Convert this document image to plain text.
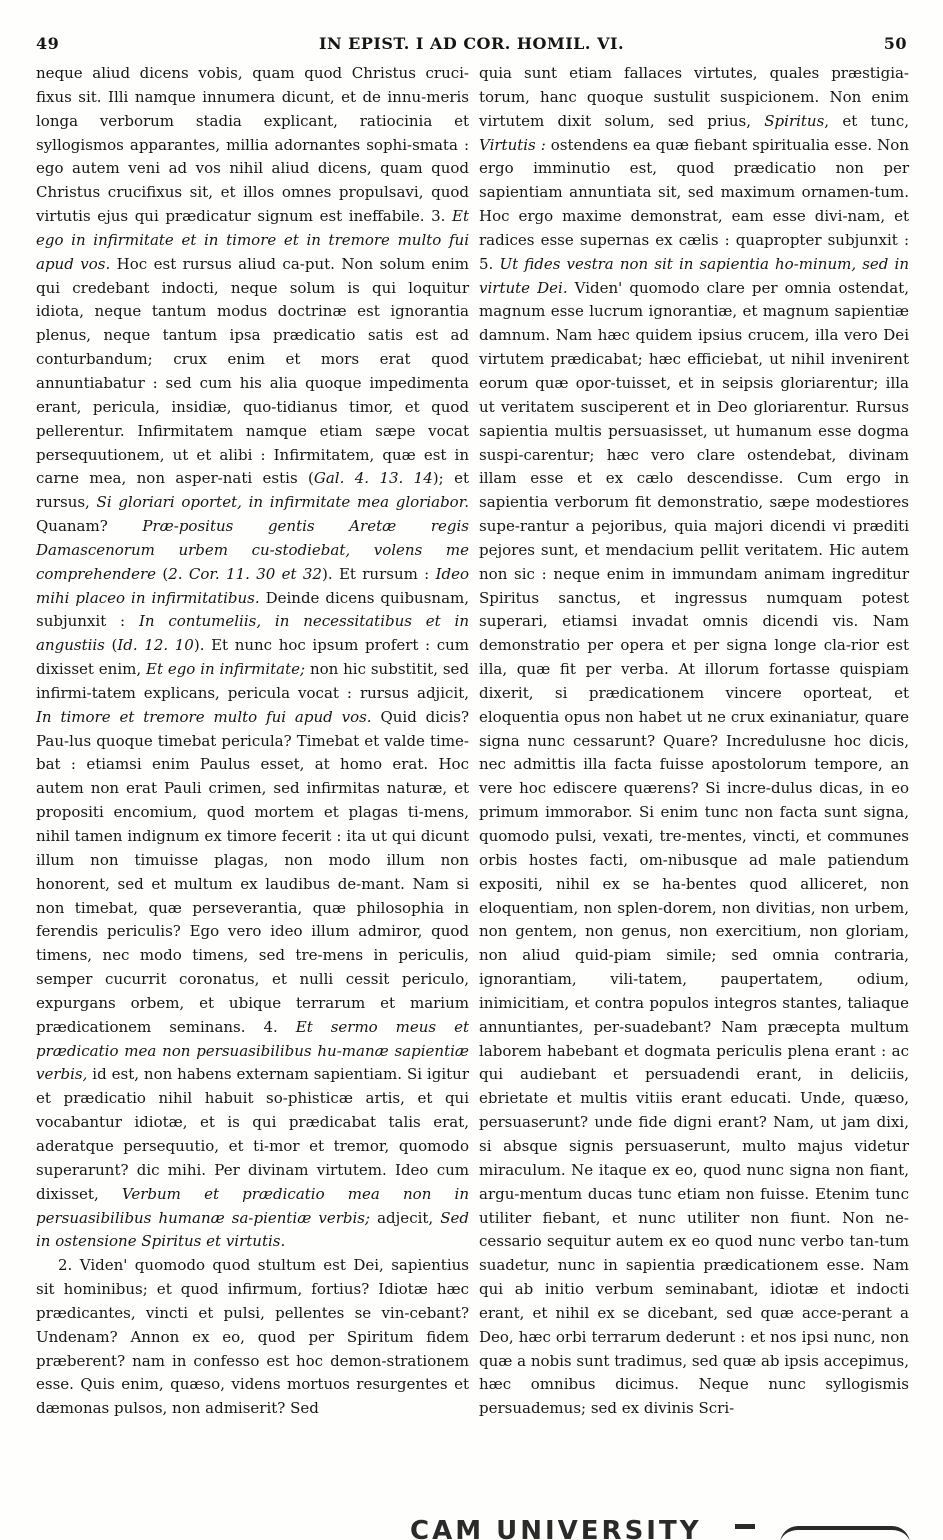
49	IN EPIST. I AD COR. HOMIL. VI.	50

neque aliud dicens vobis, quam quod Christus cruci-fixus sit. Illi namque innumera dicunt, et de innu-meris longa verborum stadia explicant, ratiocinia et syllogismos apparantes, millia adornantes sophi-smata : ego autem veni ad vos nihil aliud dicens, quam quod Christus crucifixus sit, et illos omnes propulsavi, quod virtutis ejus qui prædicatur signum est ineffabile. 3. Et ego in infirmitate et in timore et in tremore multo fui apud vos. Hoc est rursus aliud ca-put. Non solum enim qui credebant indocti, neque solum is qui loquitur idiota, neque tantum modus doctrinæ est ignorantia plenus, neque tantum ipsa prædicatio satis est ad conturbandum; crux enim et mors erat quod annuntiabatur : sed cum his alia quoque impedimenta erant, pericula, insidiæ, quo-tidianus timor, et quod pellerentur. Infirmitatem namque etiam sæpe vocat persequutionem, ut et alibi : Infirmitatem, quæ est in carne mea, non asper-nati estis (Gal. 4. 13. 14); et rursus, Si gloriari oportet, in infirmitate mea gloriabor. Quanam? Præ-positus gentis Aretæ regis Damascenorum urbem cu-stodiebat, volens me comprehendere (2. Cor. 11. 30 et 32). Et rursum : Ideo mihi placeo in infirmitatibus. Deinde dicens quibusnam, subjunxit : In contumeliis, in necessitatibus et in angustiis (Id. 12. 10). Et nunc hoc ipsum profert : cum dixisset enim, Et ego in infirmitate; non hic substitit, sed infirmi-tatem explicans, pericula vocat : rursus adjicit, In timore et tremore multo fui apud vos. Quid dicis? Pau-lus quoque timebat pericula? Timebat et valde time-bat : etiamsi enim Paulus esset, at homo erat. Hoc autem non erat Pauli crimen, sed infirmitas naturæ, et propositi encomium, quod mortem et plagas ti-mens, nihil tamen indignum ex timore fecerit : ita ut qui dicunt illum non timuisse plagas, non modo illum non honorent, sed et multum ex laudibus de-mant. Nam si non timebat, quæ perseverantia, quæ philosophia in ferendis periculis? Ego vero ideo illum admiror, quod timens, nec modo timens, sed tre-mens in periculis, semper cucurrit coronatus, et nulli cessit periculo, expurgans orbem, et ubique terrarum et marium prædicationem seminans. 4. Et sermo meus et prædicatio mea non persuasibilibus hu-manæ sapientiæ verbis, id est, non habens externam sapientiam. Si igitur et prædicatio nihil habuit so-phisticæ artis, et qui vocabantur idiotæ, et is qui prædicabat talis erat, aderatque persequutio, et ti-mor et tremor, quomodo superarunt? dic mihi. Per divinam virtutem. Ideo cum dixisset, Verbum et prædicatio mea non in persuasibilibus humanæ sa-pientiæ verbis; adjecit, Sed in ostensione Spiritus et virtutis.

2. Viden' quomodo quod stultum est Dei, sapientius sit hominibus; et quod infirmum, fortius? Idiotæ hæc prædicantes, vincti et pulsi, pellentes se vin-cebant? Undenam? Annon ex eo, quod per Spiritum fidem præberent? nam in confesso est hoc demon-strationem esse. Quis enim, quæso, videns mortuos resurgentes et dæmonas pulsos, non admiserit? Sed

quia sunt etiam fallaces virtutes, quales præstigia-torum, hanc quoque sustulit suspicionem. Non enim virtutem dixit solum, sed prius, Spiritus, et tunc, Virtutis : ostendens ea quæ fiebant spiritualia esse. Non ergo imminutio est, quod prædicatio non per sapientiam annuntiata sit, sed maximum ornamen-tum. Hoc ergo maxime demonstrat, eam esse divi-nam, et radices esse supernas ex cælis : quapropter subjunxit : 5. Ut fides vestra non sit in sapientia ho-minum, sed in virtute Dei. Viden' quomodo clare per omnia ostendat, magnum esse lucrum ignorantiæ, et magnum sapientiæ damnum. Nam hæc quidem ipsius crucem, illa vero Dei virtutem prædicabat; hæc efficiebat, ut nihil invenirent eorum quæ opor-tuisset, et in seipsis gloriarentur; illa ut veritatem susciperent et in Deo gloriarentur. Rursus sapientia multis persuasisset, ut humanum esse dogma suspi-carentur; hæc vero clare ostendebat, divinam illam esse et ex cælo descendisse. Cum ergo in sapientia verborum fit demonstratio, sæpe modestiores supe-rantur a pejoribus, quia majori dicendi vi præditi pejores sunt, et mendacium pellit veritatem. Hic autem non sic : neque enim in immundam animam ingreditur Spiritus sanctus, et ingressus numquam potest superari, etiamsi invadat omnis dicendi vis. Nam demonstratio per opera et per signa longe cla-rior est illa, quæ fit per verba. At illorum fortasse quispiam dixerit, si prædicationem vincere oporteat, et eloquentia opus non habet ut ne crux exinaniatur, quare signa nunc cessarunt? Quare? Incredulusne hoc dicis, nec admittis illa facta fuisse apostolorum tempore, an vere hoc ediscere quærens? Si incre-dulus dicas, in eo primum immorabor. Si enim tunc non facta sunt signa, quomodo pulsi, vexati, tre-mentes, vincti, et communes orbis hostes facti, om-nibusque ad male patiendum expositi, nihil ex se ha-bentes quod alliceret, non eloquentiam, non splen-dorem, non divitias, non urbem, non gentem, non genus, non exercitium, non gloriam, non aliud quid-piam simile; sed omnia contraria, ignorantiam, vili-tatem, paupertatem, odium, inimicitiam, et contra populos integros stantes, taliaque annuntiantes, per-suadebant? Nam præcepta multum laborem habebant et dogmata periculis plena erant : ac qui audiebant et persuadendi erant, in deliciis, ebrietate et multis vitiis erant educati. Unde, quæso, persuaserunt? unde fide digni erant? Nam, ut jam dixi, si absque signis persuaserunt, multo majus videtur miraculum. Ne itaque ex eo, quod nunc signa non fiant, argu-mentum ducas tunc etiam non fuisse. Etenim tunc utiliter fiebant, et nunc utiliter non fiunt. Non ne-cessario sequitur autem ex eo quod nunc verbo tan-tum suadetur, nunc in sapientia prædicationem esse. Nam qui ab initio verbum seminabant, idiotæ et indocti erant, et nihil ex se dicebant, sed quæ acce-perant a Deo, hæc orbi terrarum dederunt : et nos ipsi nunc, non quæ a nobis sunt tradimus, sed quæ ab ipsis accepimus, hæc omnibus dicimus. Neque nunc syllogismis persuademus; sed ex divinis Scri-

CAM UNIVERSITY
